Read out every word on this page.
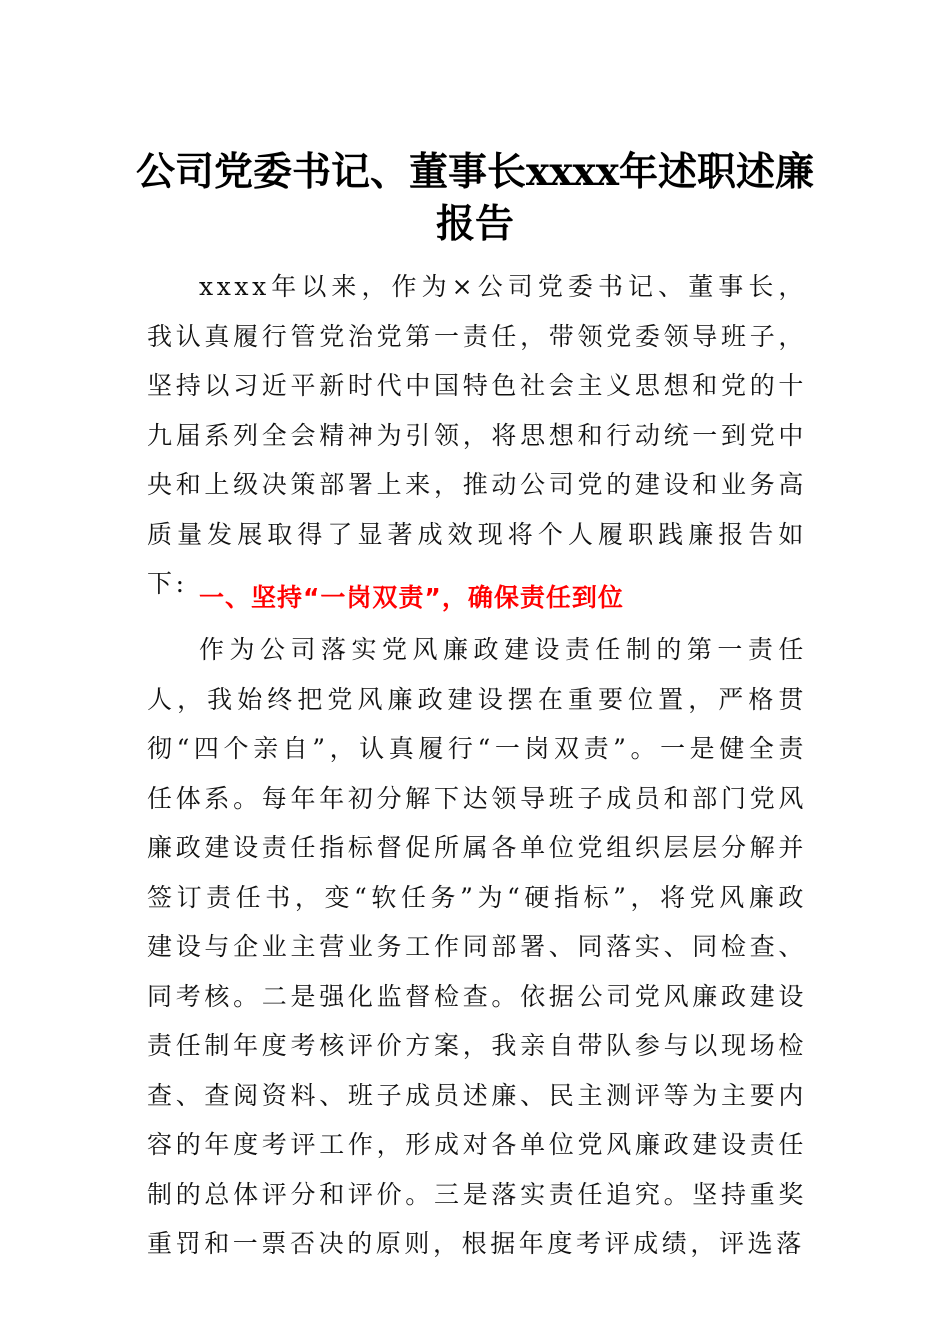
公司党委书记、董事长xxxx年述职述廉报告

xxxx年以来，作为×公司党委书记、董事长，我认真履行管党治党第一责任，带领党委领导班子，坚持以习近平新时代中国特色社会主义思想和党的十九届系列全会精神为引领，将思想和行动统一到党中央和上级决策部署上来，推动公司党的建设和业务高质量发展取得了显著成效现将个人履职践廉报告如下: 一、坚持“一岗双责”，确保责任到位

作为公司落实党风廉政建设责任制的第一责任人，我始终把党风廉政建设摆在重要位置，严格贯彻“四个亲自”，认真履行“一岗双责”。一是健全责任体系。每年年初分解下达领导班子成员和部门党风廉政建设责任指标督促所属各单位党组织层层分解并签订责任书，变“软任务”为“硬指标”，将党风廉政建设与企业主营业务工作同部署、同落实、同检查、同考核。二是强化监督检查。依据公司党风廉政建设责任制年度考核评价方案，我亲自带队参与以现场检查、查阅资料、班子成员述廉、民主测评等为主要内容的年度考评工作，形成对各单位党风廉政建设责任制的总体评分和评价。三是落实责任追究。坚持重奖重罚和一票否决的原则，根据年度考评成绩，评选落
